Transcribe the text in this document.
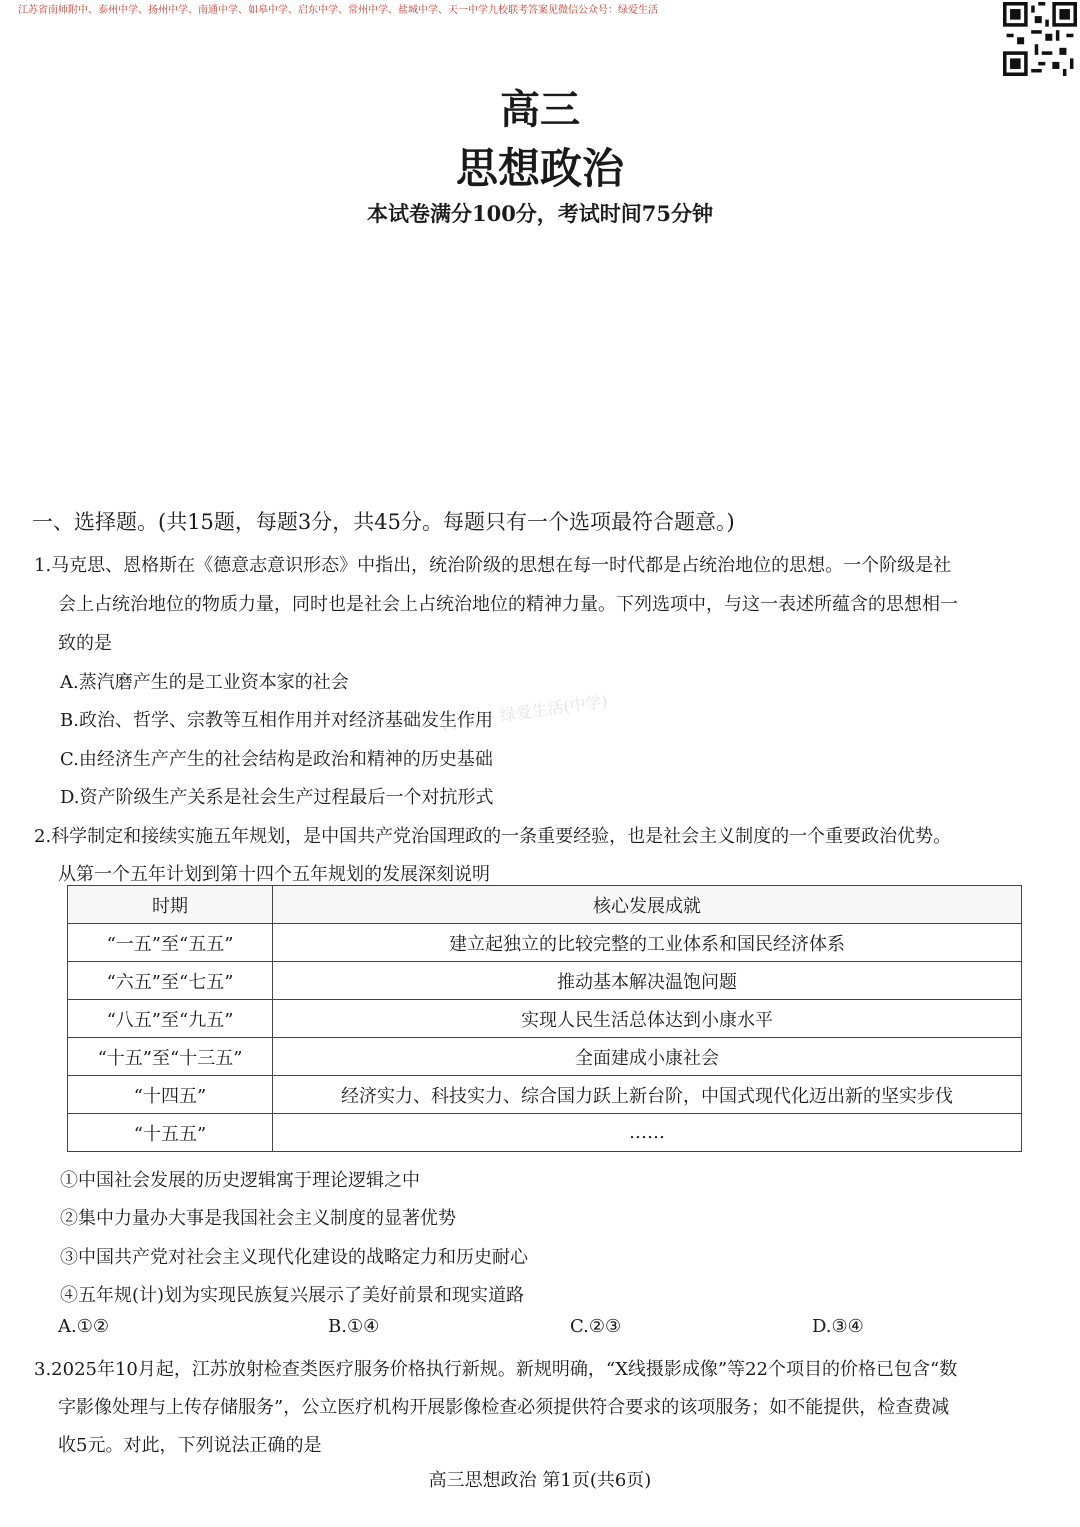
江苏省南师附中、泰州中学、扬州中学、南通中学、如皋中学、启东中学、常州中学、盐城中学、天一中学九校联考答案见微信公众号：绿爱生活
高三
思想政治
本试卷满分100分，考试时间75分钟
一、选择题。(共15题，每题3分，共45分。每题只有一个选项最符合题意。)
(小学) · 绿爱生活(中学)
1.马克思、恩格斯在《德意志意识形态》中指出，统治阶级的思想在每一时代都是占统治地位的思想。一个阶级是社
会上占统治地位的物质力量，同时也是社会上占统治地位的精神力量。下列选项中，与这一表述所蕴含的思想相一
致的是
A.蒸汽磨产生的是工业资本家的社会
B.政治、哲学、宗教等互相作用并对经济基础发生作用
C.由经济生产产生的社会结构是政治和精神的历史基础
D.资产阶级生产关系是社会生产过程最后一个对抗形式
2.科学制定和接续实施五年规划，是中国共产党治国理政的一条重要经验，也是社会主义制度的一个重要政治优势。
从第一个五年计划到第十四个五年规划的发展深刻说明
时期	核心发展成就
“一五”至“五五”	建立起独立的比较完整的工业体系和国民经济体系
“六五”至“七五”	推动基本解决温饱问题
“八五”至“九五”	实现人民生活总体达到小康水平
“十五”至“十三五”	全面建成小康社会
“十四五”	经济实力、科技实力、综合国力跃上新台阶，中国式现代化迈出新的坚实步伐
“十五五”	……
①中国社会发展的历史逻辑寓于理论逻辑之中
②集中力量办大事是我国社会主义制度的显著优势
③中国共产党对社会主义现代化建设的战略定力和历史耐心
④五年规(计)划为实现民族复兴展示了美好前景和现实道路
A.①②	B.①④	C.②③	D.③④
3.2025年10月起，江苏放射检查类医疗服务价格执行新规。新规明确，“X线摄影成像”等22个项目的价格已包含“数
字影像处理与上传存储服务”，公立医疗机构开展影像检查必须提供符合要求的该项服务；如不能提供，检查费减
收5元。对此，下列说法正确的是
高三思想政治 第1页(共6页)
